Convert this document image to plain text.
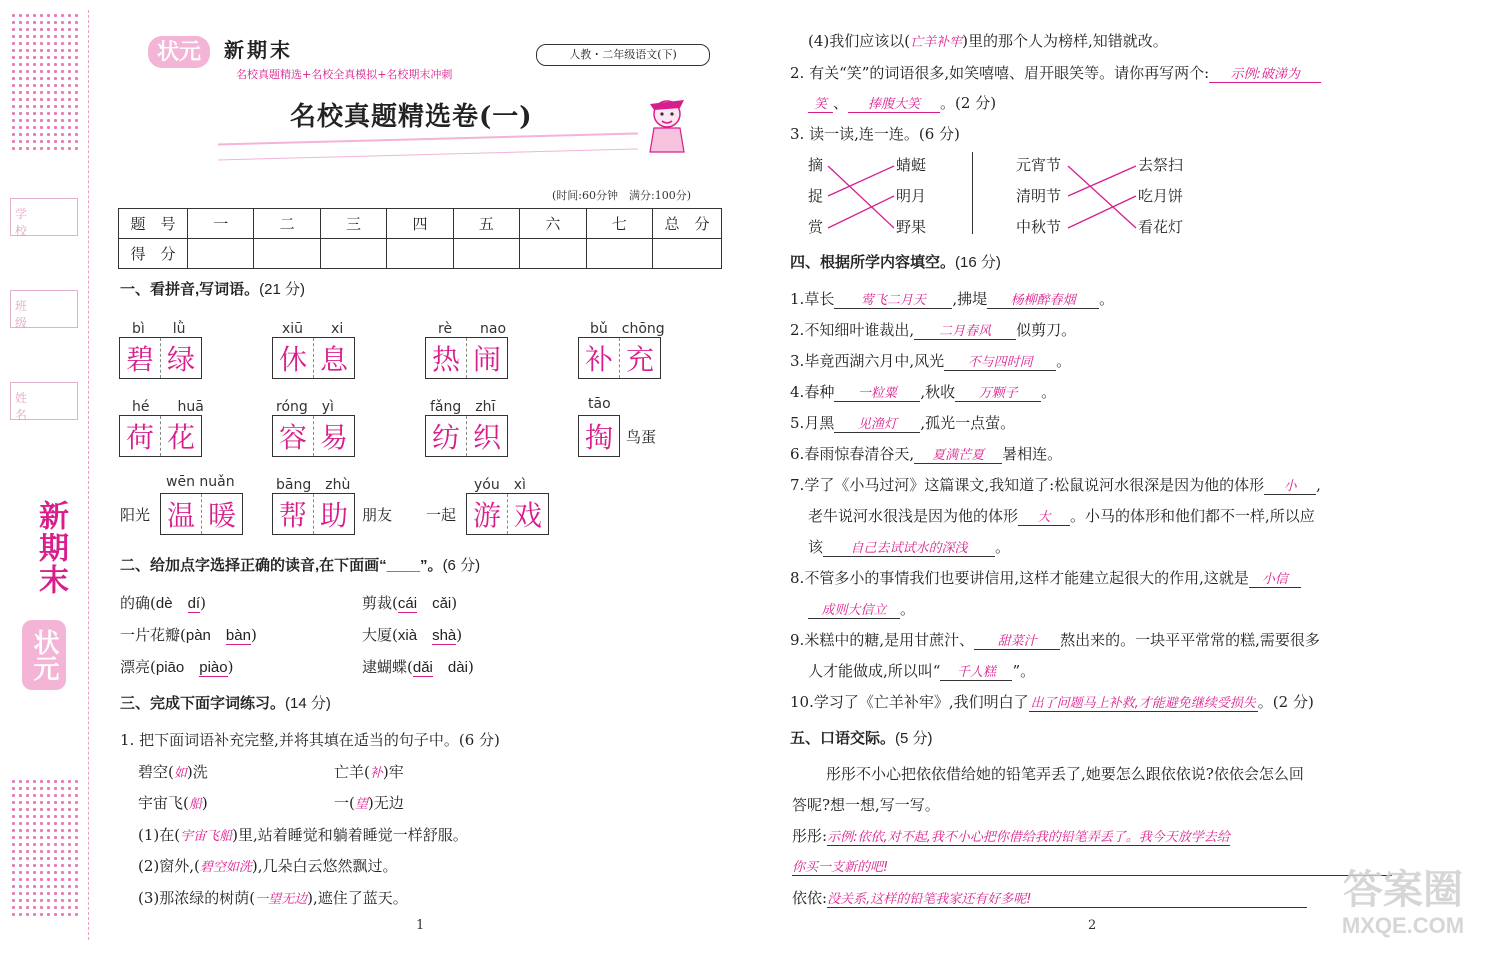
学 校
班 级
姓 名
新期末
状元
状元	新期末
名校真题精选+名校全真模拟+名校期末冲刺
人教・二年级语文(下)
名校真题精选卷(一)
(时间:60分钟　满分:100分)
题　号	一	二	三	四	五	六	七	总　分
得　分								
一、看拼音,写词语。(21 分)
bì　　lǜ
碧 绿
xiū　　xi
休 息
rè　　nao
热 闹
bǔ　chōng
补 充
hé　　huā
荷 花
róng　yì
容 易
fǎng　zhī
纺 织
tāo
掏 鸟蛋
阳光
wēn nuǎn
温 暖
bāng　zhù
帮 助 朋友 一起
yóu　xì
游 戏
二、给加点字选择正确的读音,在下面画“____”。(6 分)
的确(dè　 dí)	剪裁(cái　 cǎi)
一片花瓣(pàn　 bàn)	大厦(xià　 shà)
漂亮(piāo　 piào)	逮蝴蝶(dǎi　 dài)
三、完成下面字词练习。(14 分)
1. 把下面词语补充完整,并将其填在适当的句子中。(6 分)
碧空(如)洗	亡羊(补)牢
宇宙飞(船)	一(望)无边
(1)在(宇宙飞船)里,站着睡觉和躺着睡觉一样舒服。
(2)窗外,(碧空如洗),几朵白云悠然飘过。
(3)那浓绿的树荫(一望无边),遮住了蓝天。
1
(4)我们应该以(亡羊补牢)里的那个人为榜样,知错就改。
2. 有关“笑”的词语很多,如笑嘻嘻、眉开眼笑等。请你再写两个: 示例:破涕为
笑 、 捧腹大笑 。(2 分)
3. 读一读,连一连。(6 分)
摘
捉
赏
蜻蜓
明月
野果
元宵节
清明节
中秋节
去祭扫
吃月饼
看花灯
四、根据所学内容填空。(16 分)
1.草长 莺飞二月天 ,拂堤 杨柳醉春烟 。
2.不知细叶谁裁出, 二月春风 似剪刀。
3.毕竟西湖六月中,风光 不与四时同 。
4.春种 一粒粟 ,秋收 万颗子 。
5.月黑 见渔灯 ,孤光一点萤。
6.春雨惊春清谷天, 夏满芒夏 暑相连。
7.学了《小马过河》这篇课文,我知道了:松鼠说河水很深是因为他的体形 小 ,
老牛说河水很浅是因为他的体形 大 。小马的体形和他们都不一样,所以应
该 自己去试试水的深浅 。
8.不管多小的事情我们也要讲信用,这样才能建立起很大的作用,这就是 小信
成则大信立 。
9.米糕中的糖,是用甘蔗汁、 甜菜汁 熬出来的。一块平平常常的糕,需要很多
人才能做成,所以叫“ 千人糕 ”。
10.学习了《亡羊补牢》,我们明白了 出了问题马上补救,才能避免继续受损失 。(2 分)
五、口语交际。(5 分)
彤彤不小心把依依借给她的铅笔弄丢了,她要怎么跟依依说?依依会怎么回
答呢?想一想,写一写。
彤彤:示例:依依,对不起,我不小心把你借给我的铅笔弄丢了。我今天放学去给
你买一支新的吧!
依依:没关系,这样的铅笔我家还有好多呢!
2
答案圈
MXQE.COM
